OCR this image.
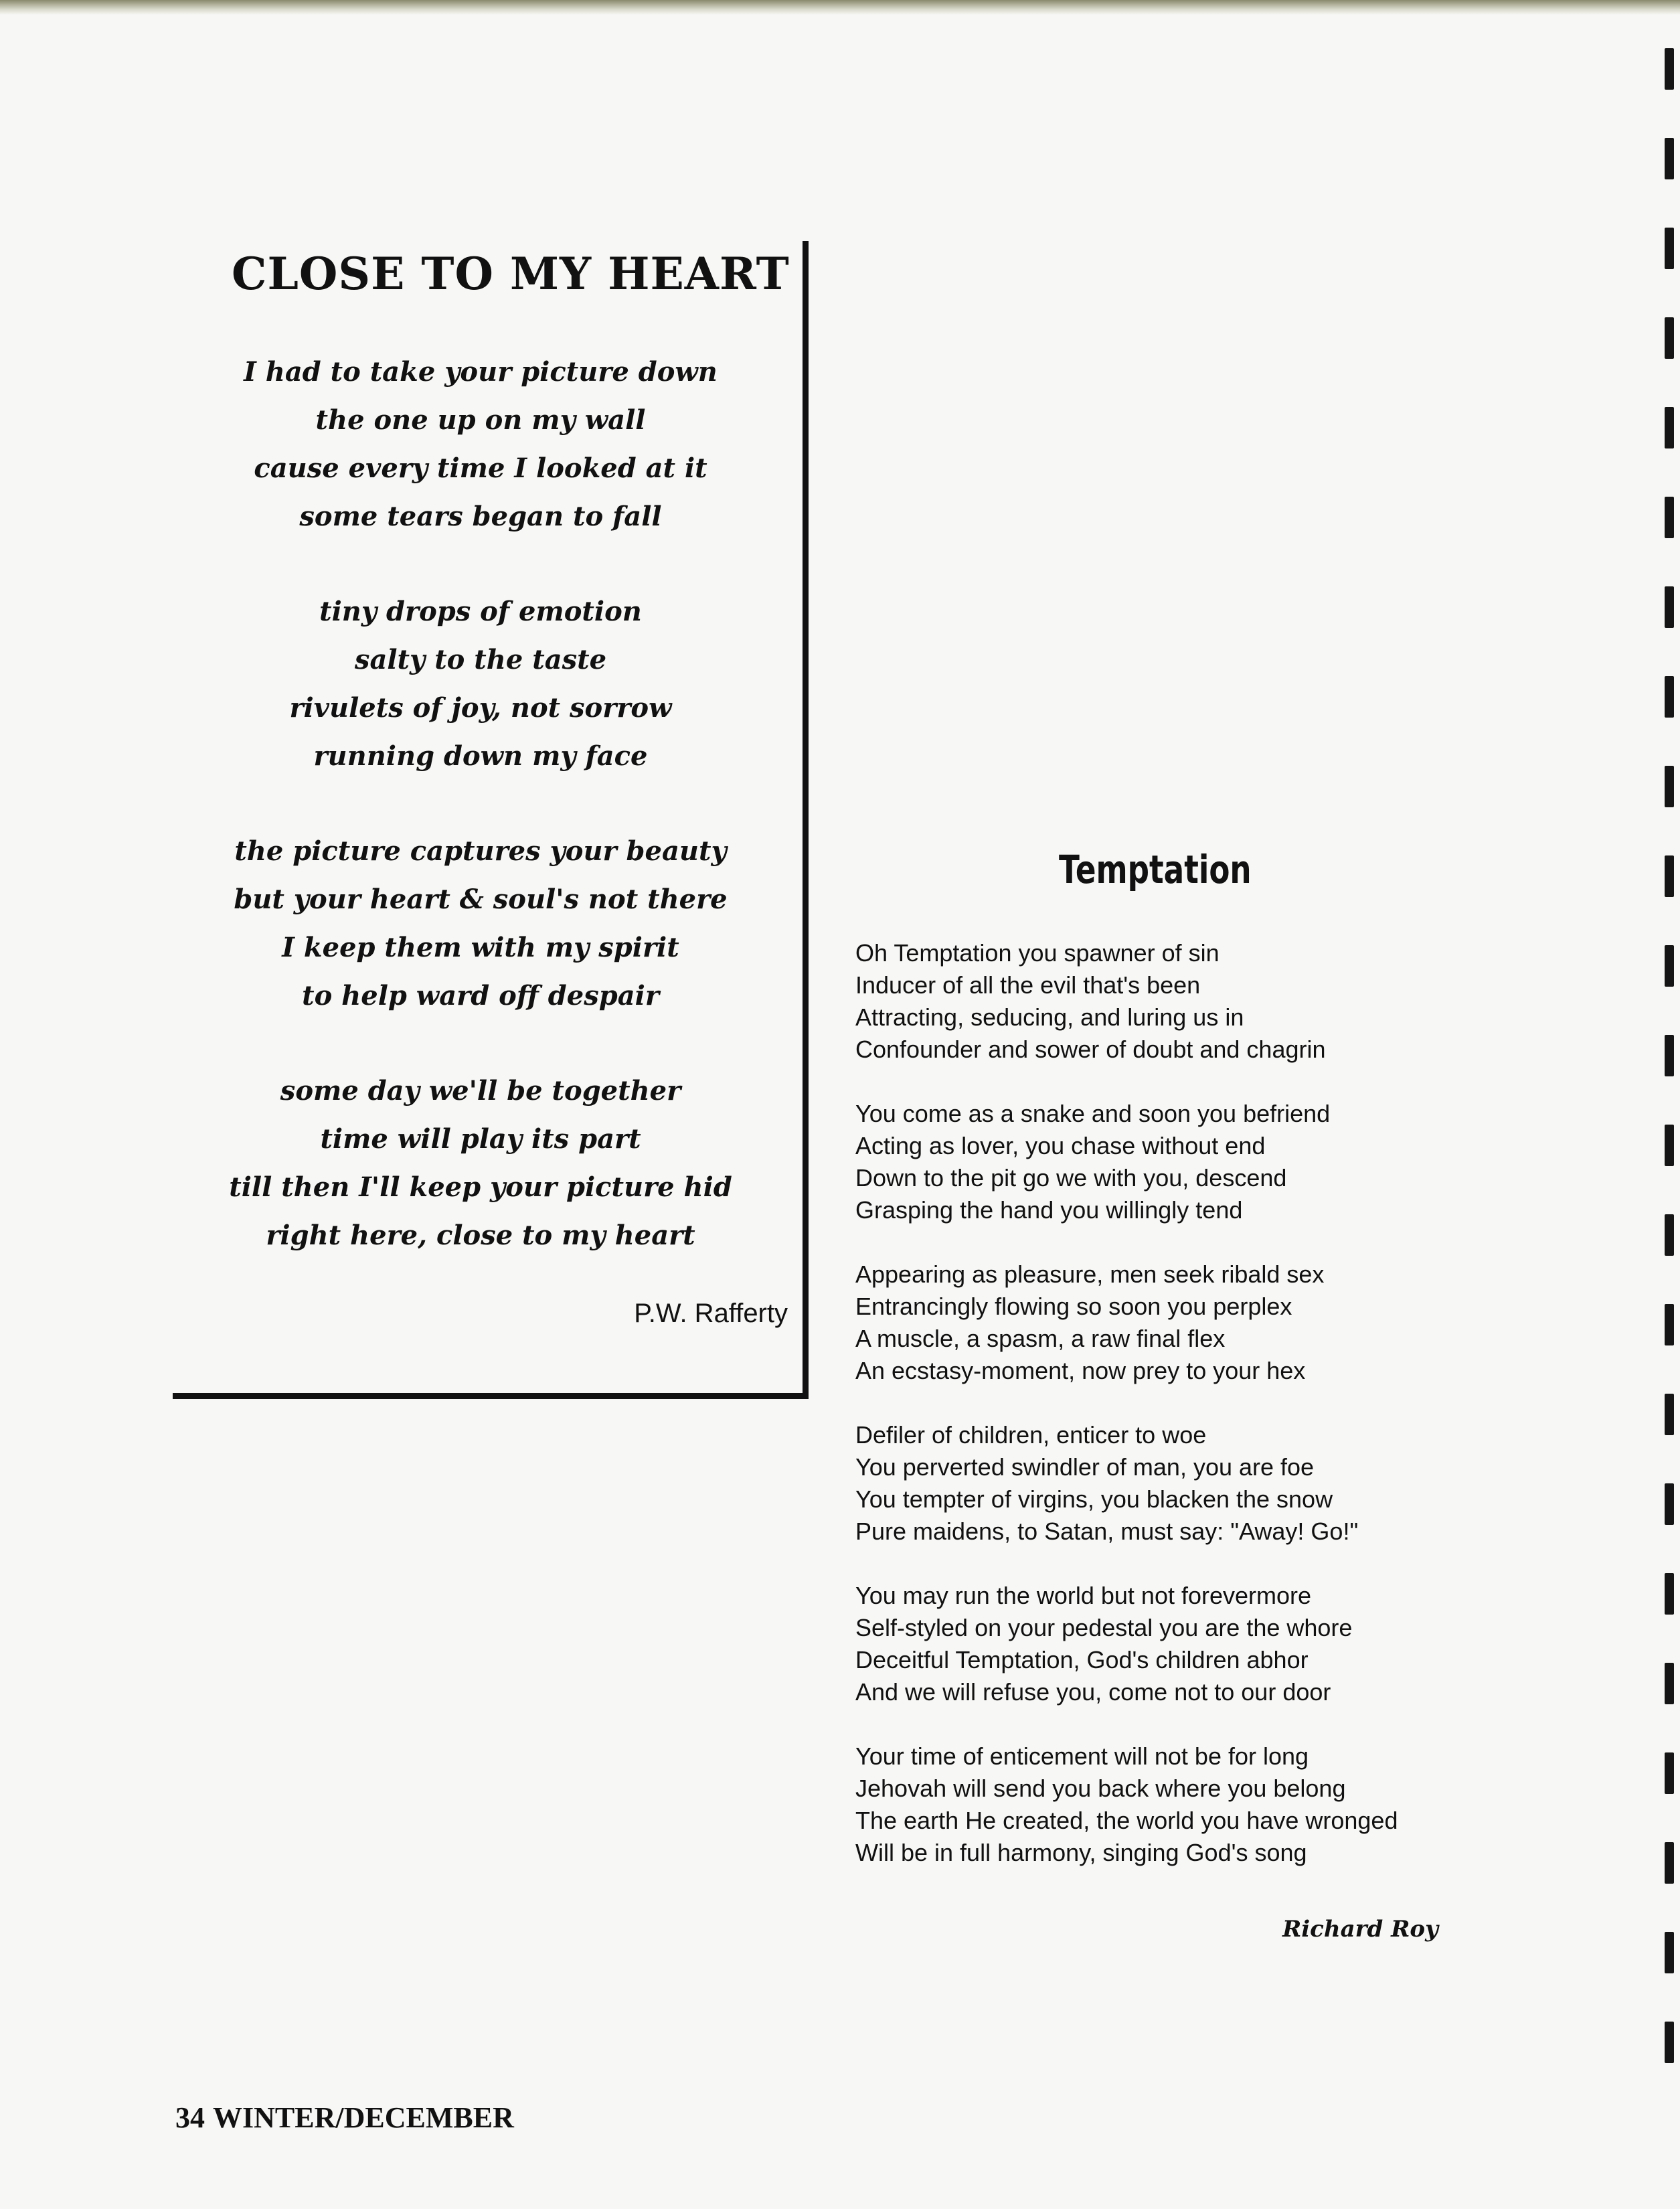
CLOSE TO MY HEART
I had to take your picture down
the one up on my wall
cause every time I looked at it
some tears began to fall
tiny drops of emotion
salty to the taste
rivulets of joy, not sorrow
running down my face
the picture captures your beauty
but your heart & soul's not there
I keep them with my spirit
to help ward off despair
some day we'll be together
time will play its part
till then I'll keep your picture hid
right here, close to my heart
P.W. Rafferty
Temptation
Oh Temptation you spawner of sin
Inducer of all the evil that's been
Attracting, seducing, and luring us in
Confounder and sower of doubt and chagrin
You come as a snake and soon you befriend
Acting as lover, you chase without end
Down to the pit go we with you, descend
Grasping the hand you willingly tend
Appearing as pleasure, men seek ribald sex
Entrancingly flowing so soon you perplex
A muscle, a spasm, a raw final flex
An ecstasy-moment, now prey to your hex
Defiler of children, enticer to woe
You perverted swindler of man, you are foe
You tempter of virgins, you blacken the snow
Pure maidens, to Satan, must say: "Away! Go!"
You may run the world but not forevermore
Self-styled on your pedestal you are the whore
Deceitful Temptation, God's children abhor
And we will refuse you, come not to our door
Your time of enticement will not be for long
Jehovah will send you back where you belong
The earth He created, the world you have wronged
Will be in full harmony, singing God's song
Richard Roy
34 WINTER/DECEMBER
